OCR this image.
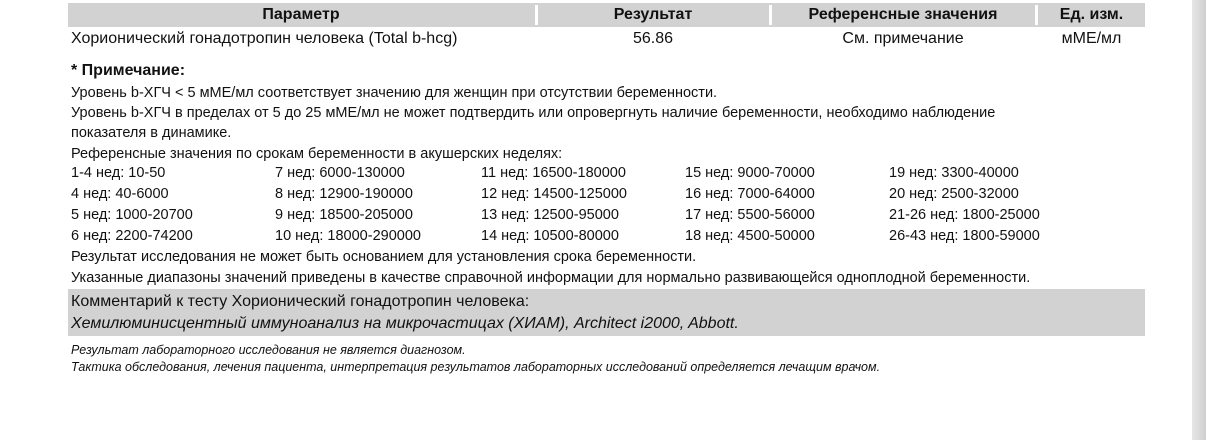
Параметр	Результат	Референсные значения	Ед. изм.
Хорионический гонадотропин человека (Total b-hcg)	56.86	См. примечание	мМЕ/мл
* Примечание:
Уровень b-ХГЧ < 5 мМЕ/мл соответствует значению для женщин при отсутствии беременности.
Уровень b-ХГЧ в пределах от 5 до 25 мМЕ/мл не может подтвердить или опровергнуть наличие беременности, необходимо наблюдение
показателя в динамике.
Референсные значения по срокам беременности в акушерских неделях:
1-4 нед: 10-50	7 нед: 6000-130000	11 нед: 16500-180000	15 нед: 9000-70000	19 нед: 3300-40000
4 нед: 40-6000	8 нед: 12900-190000	12 нед: 14500-125000	16 нед: 7000-64000	20 нед: 2500-32000
5 нед: 1000-20700	9 нед: 18500-205000	13 нед: 12500-95000	17 нед: 5500-56000	21-26 нед: 1800-25000
6 нед: 2200-74200	10 нед: 18000-290000	14 нед: 10500-80000	18 нед: 4500-50000	26-43 нед: 1800-59000
Результат исследования не может быть основанием для установления срока беременности.
Указанные диапазоны значений приведены в качестве справочной информации для нормально развивающейся одноплодной беременности.
Комментарий к тесту Хорионический гонадотропин человека:
Хемилюминисцентный иммуноанализ на микрочастицах (ХИАМ), Architect i2000, Abbott.
Результат лабораторного исследования не является диагнозом.
Тактика обследования, лечения пациента, интерпретация результатов лабораторных исследований определяется лечащим врачом.
